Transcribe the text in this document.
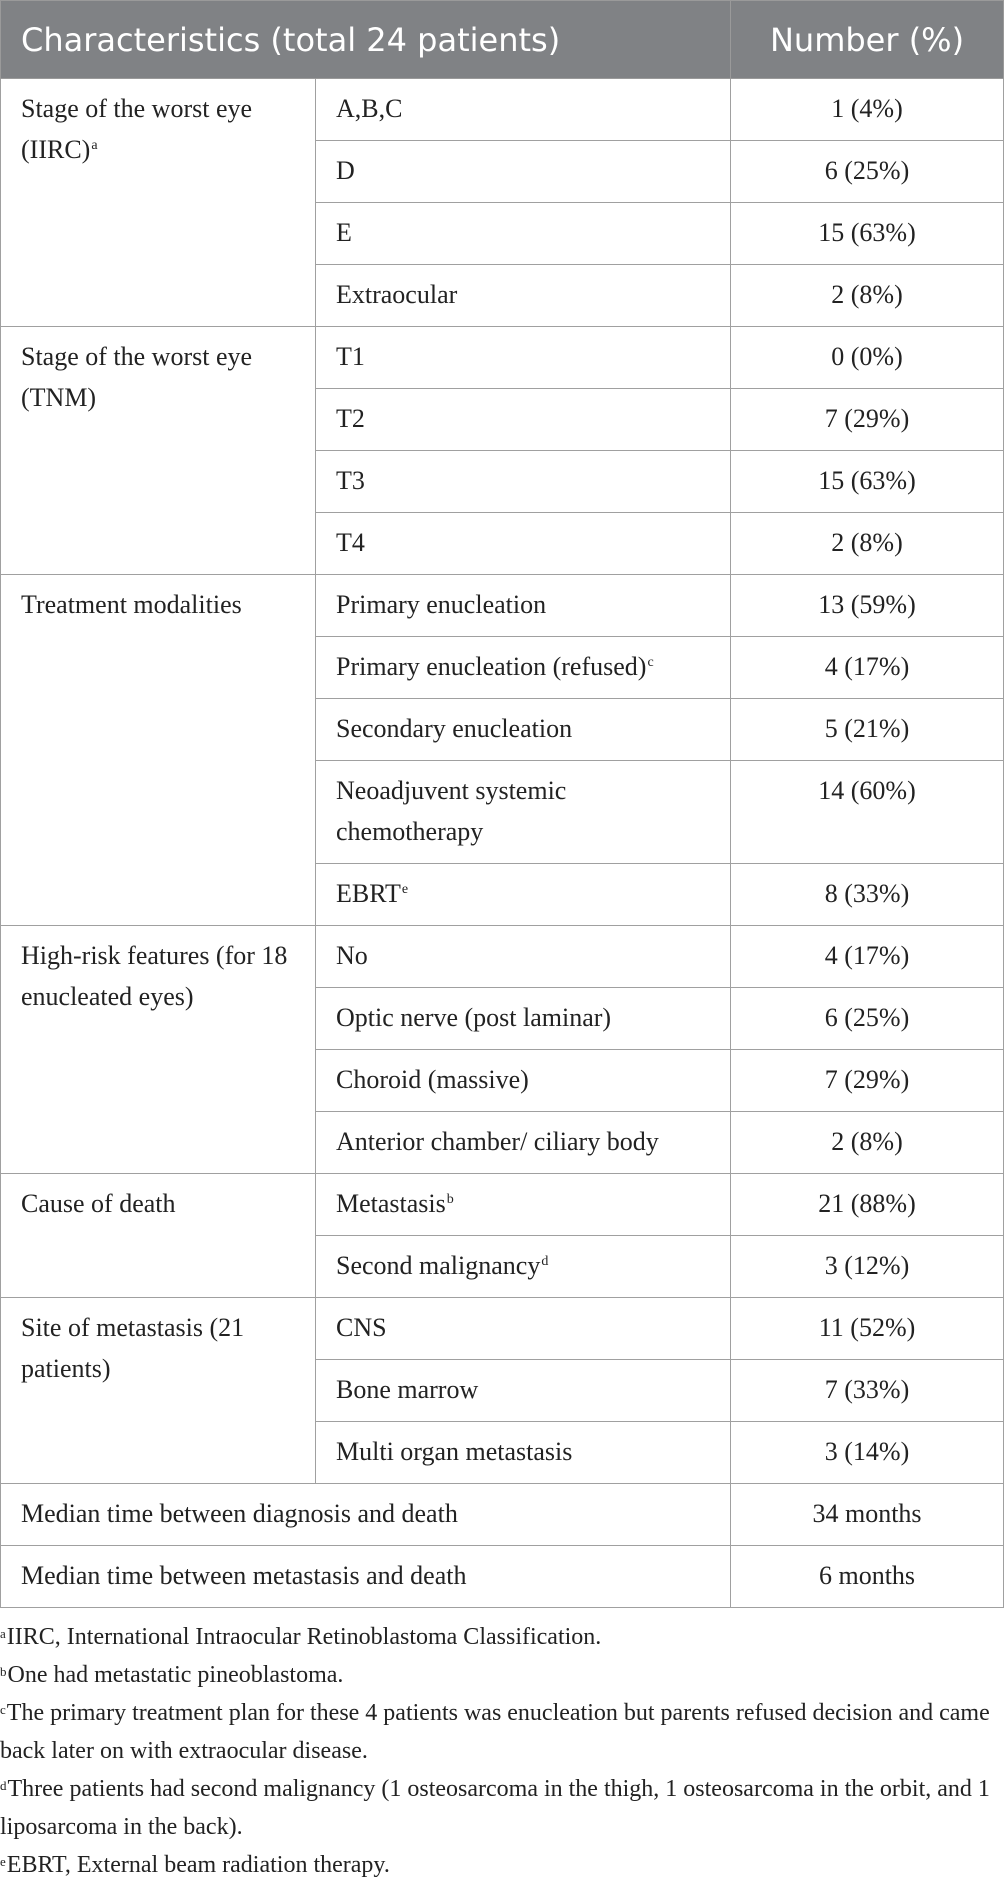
Characteristics (total 24 patients)		Number (%)
Stage of the worst eye (IIRC)$^a$	A,B,C	1 (4%)
	D	6 (25%)
	E	15 (63%)
	Extraocular	2 (8%)
Stage of the worst eye (TNM)	T1	0 (0%)
	T2	7 (29%)
	T3	15 (63%)
	T4	2 (8%)
Treatment modalities	Primary enucleation	13 (59%)
	Primary enucleation (refused)$^c$	4 (17%)
	Secondary enucleation	5 (21%)
	Neoadjuvent systemic chemotherapy	14 (60%)
	EBRT$^e$	8 (33%)
High-risk features (for 18 enucleated eyes)	No	4 (17%)
	Optic nerve (post laminar)	6 (25%)
	Choroid (massive)	7 (29%)
	Anterior chamber/ ciliary body	2 (8%)
Cause of death	Metastasis$^b$	21 (88%)
	Second malignancy$^d$	3 (12%)
Site of metastasis (21 patients)	CNS	11 (52%)
	Bone marrow	7 (33%)
	Multi organ metastasis	3 (14%)
Median time between diagnosis and death		34 months
Median time between metastasis and death		6 months

$^a$IIRC, International Intraocular Retinoblastoma Classification.

$^b$One had metastatic pineoblastoma.

$^c$The primary treatment plan for these 4 patients was enucleation but parents refused decision and came back later on with extraocular disease.

$^d$Three patients had second malignancy (1 osteosarcoma in the thigh, 1 osteosarcoma in the orbit, and 1 liposarcoma in the back).

$^e$EBRT, External beam radiation therapy.
